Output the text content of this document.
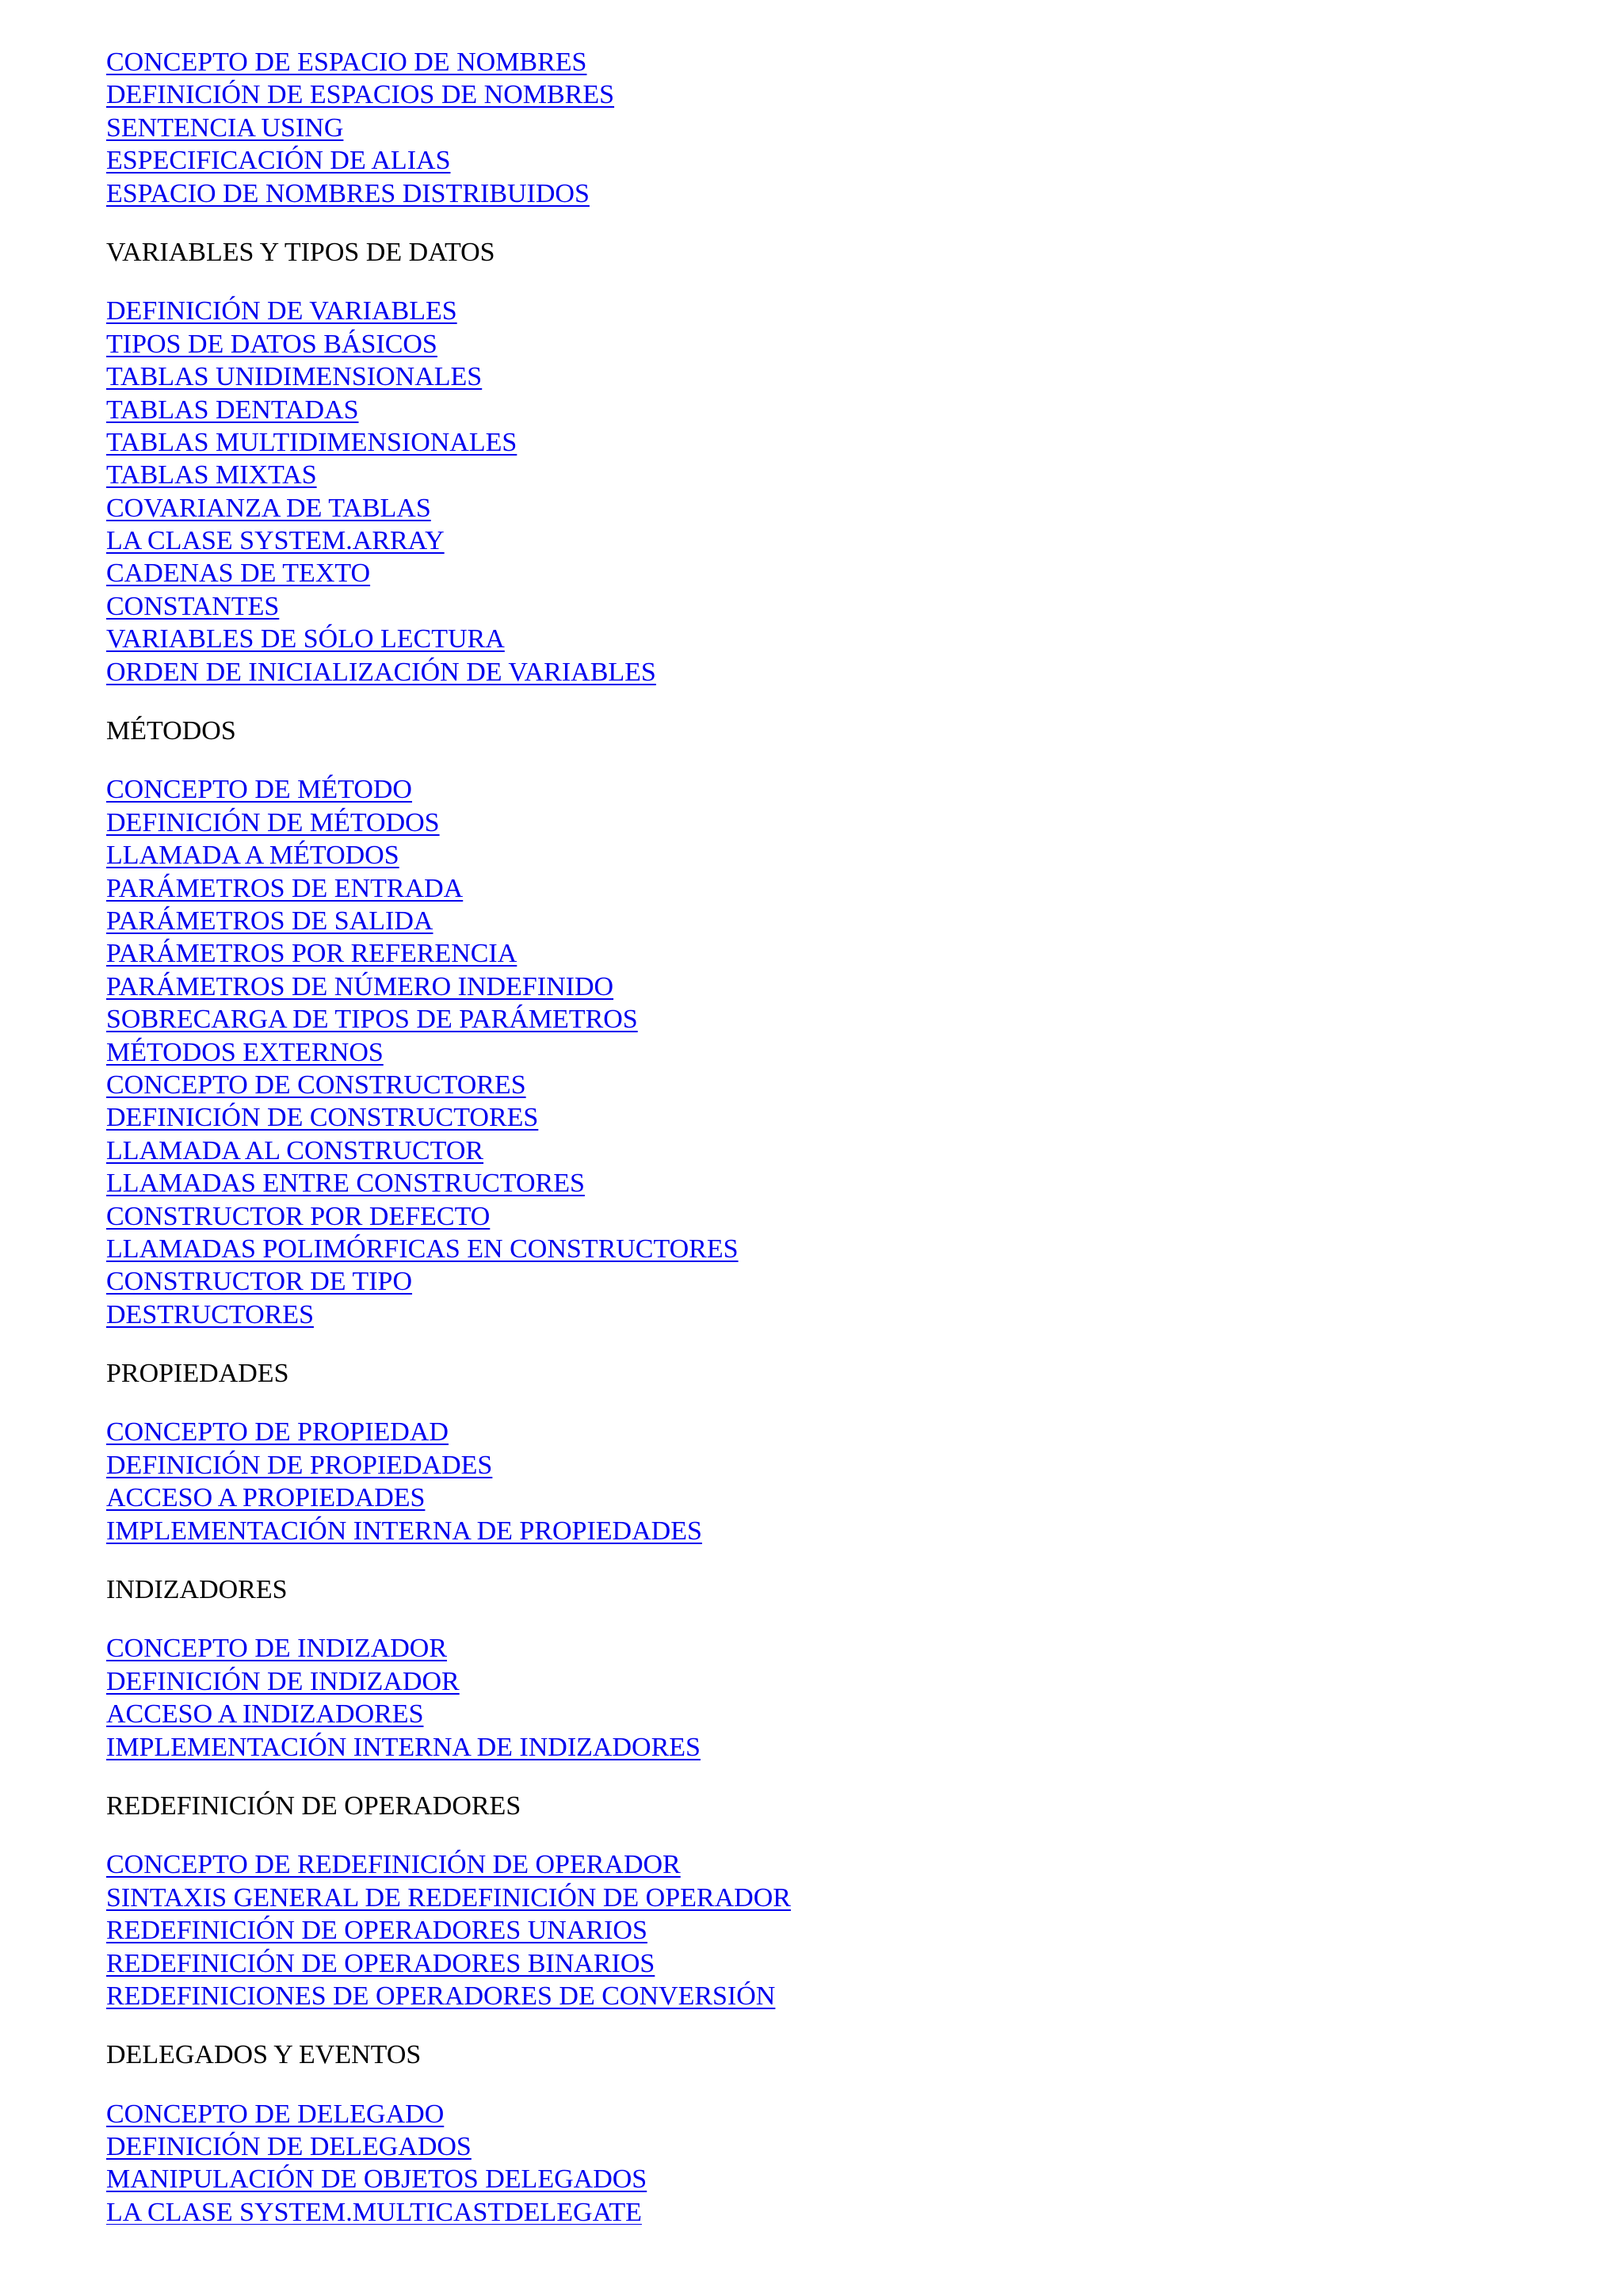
CONCEPTO DE ESPACIO DE NOMBRES
DEFINICIÓN DE ESPACIOS DE NOMBRES
SENTENCIA USING
ESPECIFICACIÓN DE ALIAS
ESPACIO DE NOMBRES DISTRIBUIDOS
VARIABLES Y TIPOS DE DATOS
DEFINICIÓN DE VARIABLES
TIPOS DE DATOS BÁSICOS
TABLAS UNIDIMENSIONALES
TABLAS DENTADAS
TABLAS MULTIDIMENSIONALES
TABLAS MIXTAS
COVARIANZA DE TABLAS
LA CLASE SYSTEM.ARRAY
CADENAS DE TEXTO
CONSTANTES
VARIABLES DE SÓLO LECTURA
ORDEN DE INICIALIZACIÓN DE VARIABLES
MÉTODOS
CONCEPTO DE MÉTODO
DEFINICIÓN DE MÉTODOS
LLAMADA A MÉTODOS
PARÁMETROS DE ENTRADA
PARÁMETROS DE SALIDA
PARÁMETROS POR REFERENCIA
PARÁMETROS DE NÚMERO INDEFINIDO
SOBRECARGA DE TIPOS DE PARÁMETROS
MÉTODOS EXTERNOS
CONCEPTO DE CONSTRUCTORES
DEFINICIÓN DE CONSTRUCTORES
LLAMADA AL CONSTRUCTOR
LLAMADAS ENTRE CONSTRUCTORES
CONSTRUCTOR POR DEFECTO
LLAMADAS POLIMÓRFICAS EN CONSTRUCTORES
CONSTRUCTOR DE TIPO
DESTRUCTORES
PROPIEDADES
CONCEPTO DE PROPIEDAD
DEFINICIÓN DE PROPIEDADES
ACCESO A PROPIEDADES
IMPLEMENTACIÓN INTERNA DE PROPIEDADES
INDIZADORES
CONCEPTO DE INDIZADOR
DEFINICIÓN DE INDIZADOR
ACCESO A INDIZADORES
IMPLEMENTACIÓN INTERNA DE INDIZADORES
REDEFINICIÓN DE OPERADORES
CONCEPTO DE REDEFINICIÓN DE OPERADOR
SINTAXIS GENERAL DE REDEFINICIÓN DE OPERADOR
REDEFINICIÓN DE OPERADORES UNARIOS
REDEFINICIÓN DE OPERADORES BINARIOS
REDEFINICIONES DE OPERADORES DE CONVERSIÓN
DELEGADOS Y EVENTOS
CONCEPTO DE DELEGADO
DEFINICIÓN DE DELEGADOS
MANIPULACIÓN DE OBJETOS DELEGADOS
LA CLASE SYSTEM.MULTICASTDELEGATE
